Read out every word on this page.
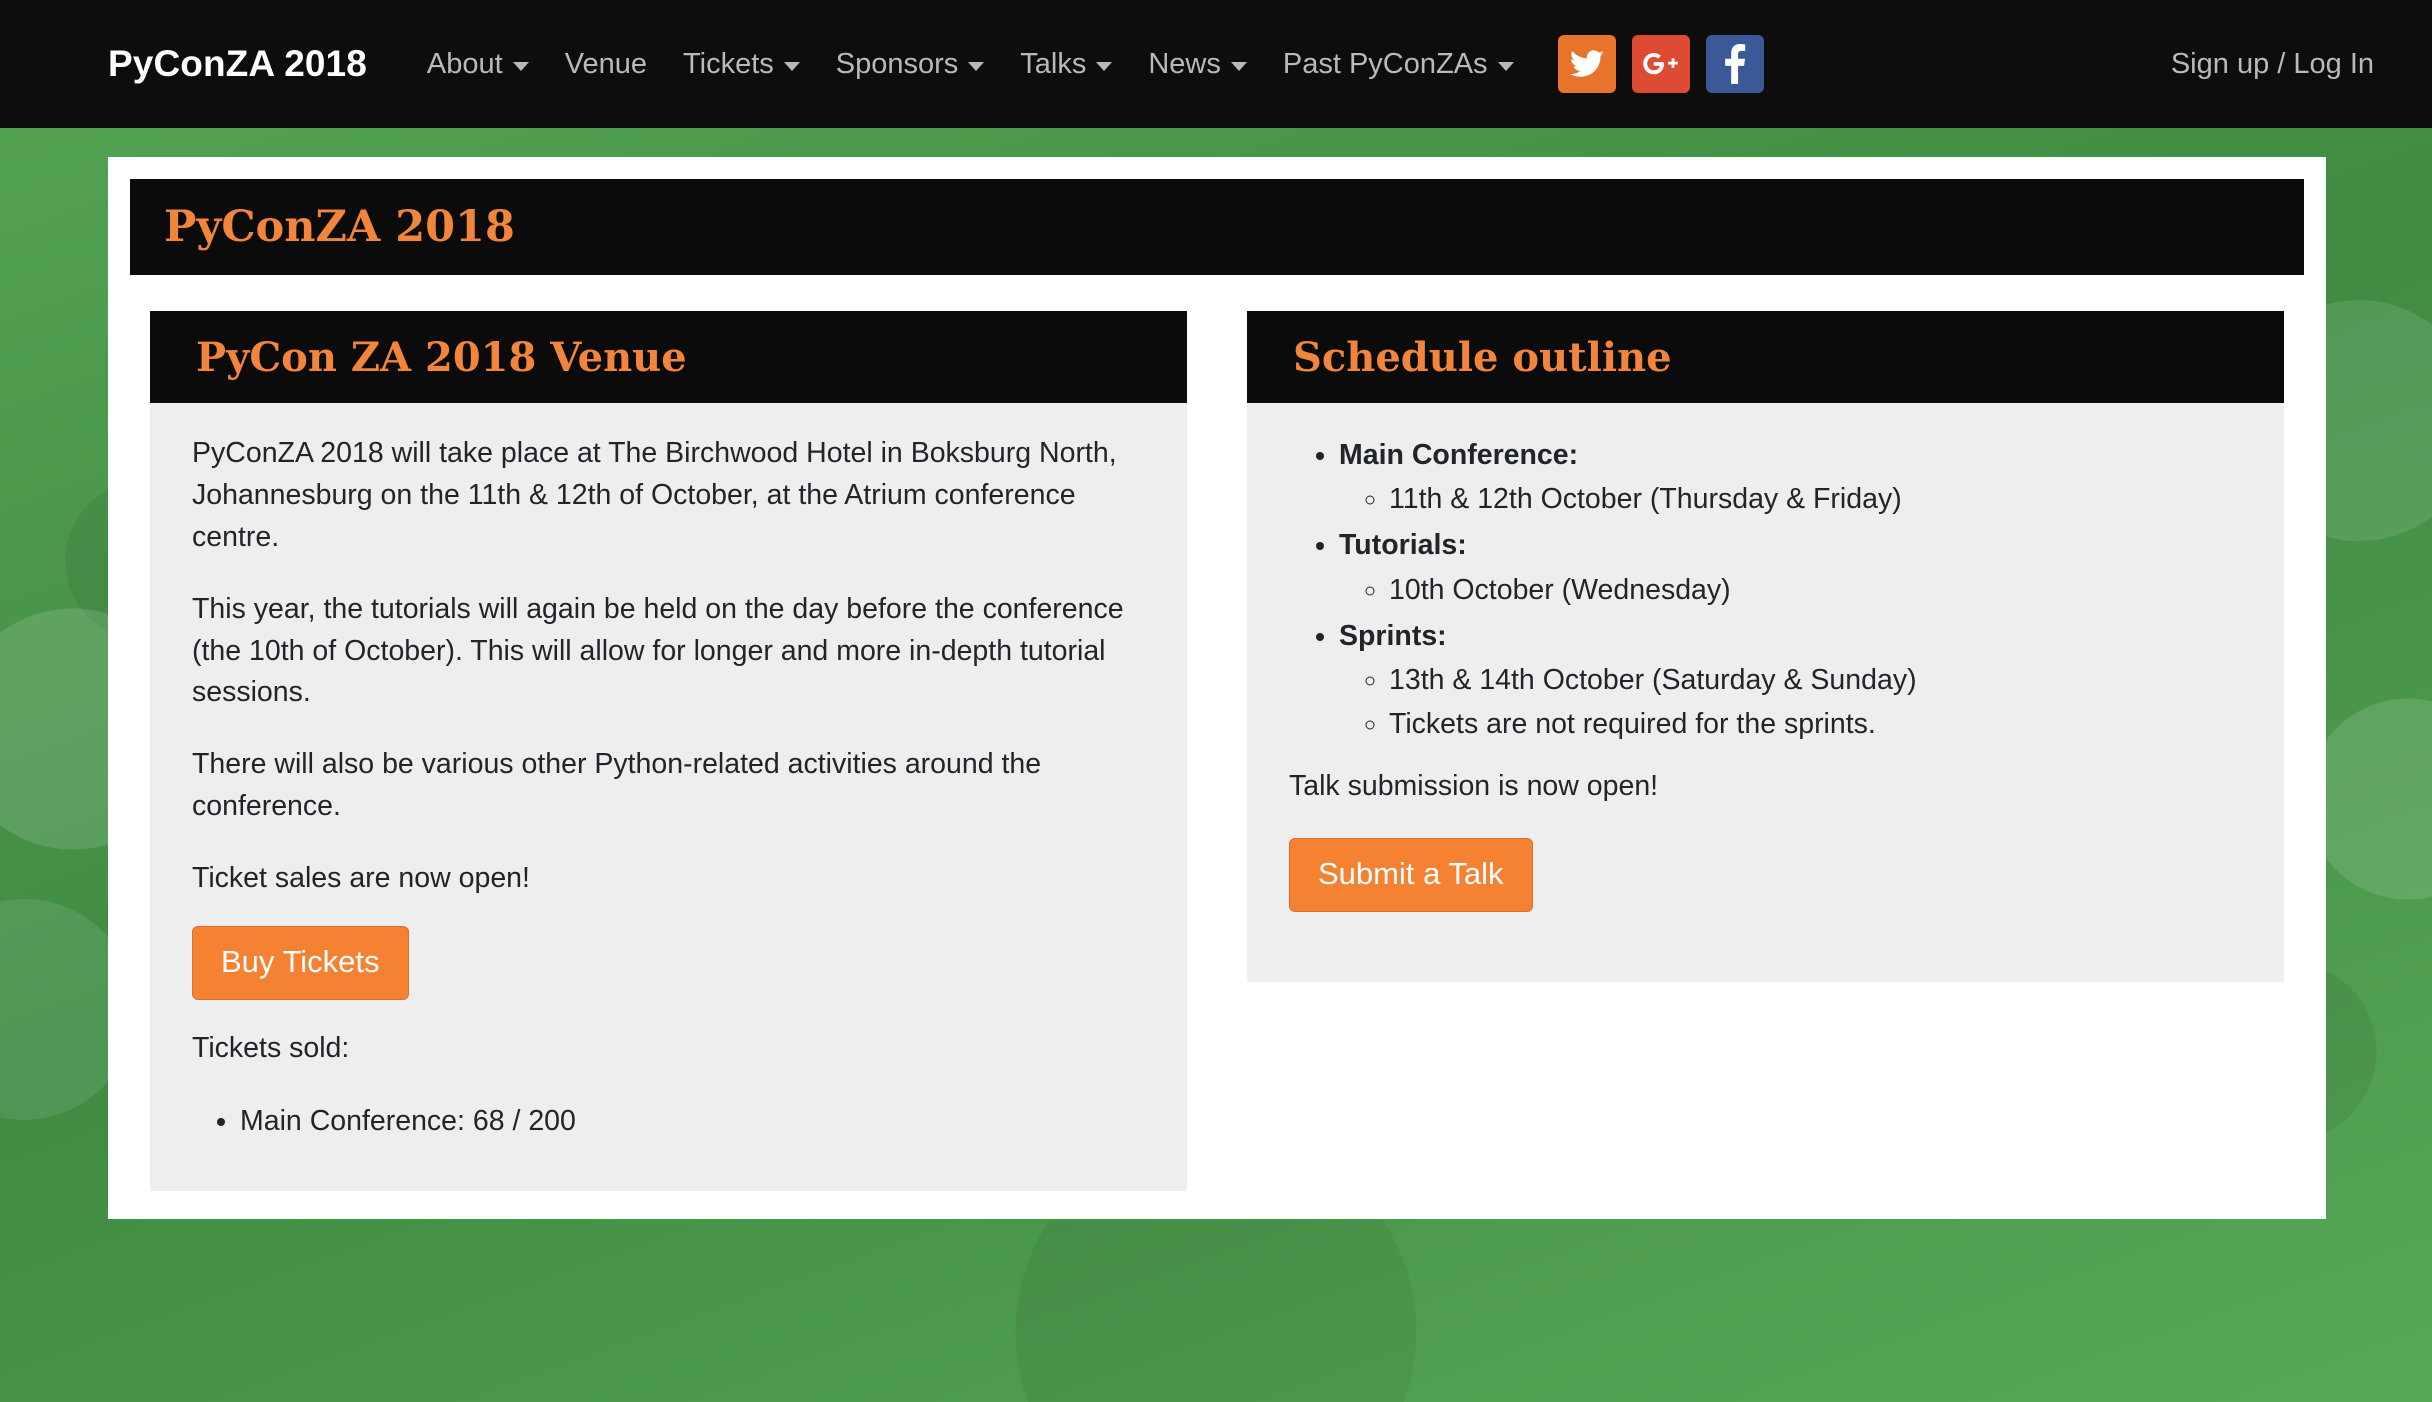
PyConZA 2018 About Venue Tickets Sponsors Talks News Past PyConZAs	Sign up / Log In
PyConZA 2018
PyCon ZA 2018 Venue

PyConZA 2018 will take place at The Birchwood Hotel in Boksburg North, Johannesburg on the 11th & 12th of October, at the Atrium conference centre.

This year, the tutorials will again be held on the day before the conference (the 10th of October). This will allow for longer and more in-depth tutorial sessions.

There will also be various other Python-related activities around the conference.

Ticket sales are now open!

Buy Tickets

Tickets sold:

• Main Conference: 68 / 200
Schedule outline
• Main Conference:
◦ 11th & 12th October (Thursday & Friday)
• Tutorials:
◦ 10th October (Wednesday)
• Sprints:
◦ 13th & 14th October (Saturday & Sunday)
◦ Tickets are not required for the sprints.

Talk submission is now open!

Submit a Talk
